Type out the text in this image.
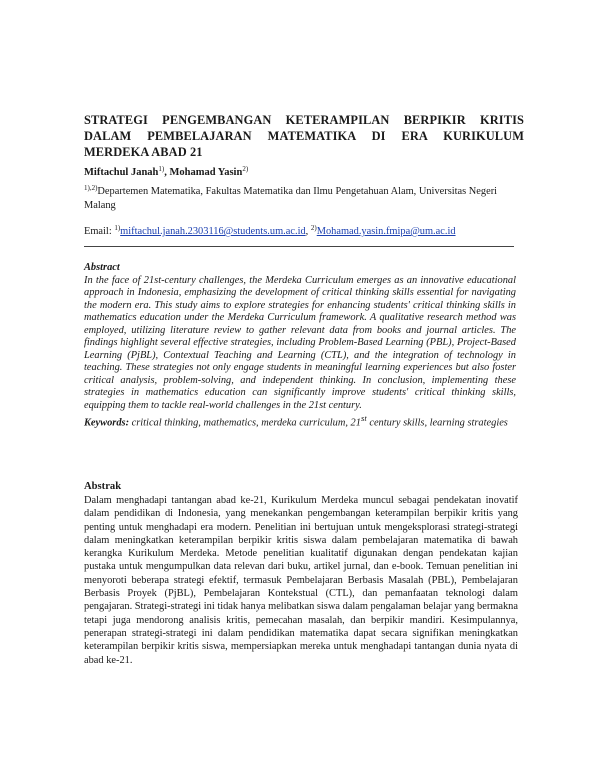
STRATEGI PENGEMBANGAN KETERAMPILAN BERPIKIR KRITIS DALAM PEMBELAJARAN MATEMATIKA DI ERA KURIKULUM MERDEKA ABAD 21
Miftachul Janah$^{1)}$, Mohamad Yasin$^{2)}$
$^{1),2)}$Departemen Matematika, Fakultas Matematika dan Ilmu Pengetahuan Alam, Universitas Negeri Malang
Email: $^{1)}$miftachul.janah.2303116@students.um.ac.id, $^{2)}$Mohamad.yasin.fmipa@um.ac.id
Abstract
In the face of 21st-century challenges, the Merdeka Curriculum emerges as an innovative educational approach in Indonesia, emphasizing the development of critical thinking skills essential for navigating the modern era. This study aims to explore strategies for enhancing students' critical thinking skills in mathematics education under the Merdeka Curriculum framework. A qualitative research method was employed, utilizing literature review to gather relevant data from books and journal articles. The findings highlight several effective strategies, including Problem-Based Learning (PBL), Project-Based Learning (PjBL), Contextual Teaching and Learning (CTL), and the integration of technology in teaching. These strategies not only engage students in meaningful learning experiences but also foster critical analysis, problem-solving, and independent thinking. In conclusion, implementing these strategies in mathematics education can significantly improve students' critical thinking skills, equipping them to tackle real-world challenges in the 21st century.
Keywords: critical thinking, mathematics, merdeka curriculum, 21st century skills, learning strategies
Abstrak
Dalam menghadapi tantangan abad ke-21, Kurikulum Merdeka muncul sebagai pendekatan inovatif dalam pendidikan di Indonesia, yang menekankan pengembangan keterampilan berpikir kritis yang penting untuk menghadapi era modern. Penelitian ini bertujuan untuk mengeksplorasi strategi-strategi dalam meningkatkan keterampilan berpikir kritis siswa dalam pembelajaran matematika di bawah kerangka Kurikulum Merdeka. Metode penelitian kualitatif digunakan dengan pendekatan kajian pustaka untuk mengumpulkan data relevan dari buku, artikel jurnal, dan e-book. Temuan penelitian ini menyoroti beberapa strategi efektif, termasuk Pembelajaran Berbasis Masalah (PBL), Pembelajaran Berbasis Proyek (PjBL), Pembelajaran Kontekstual (CTL), dan pemanfaatan teknologi dalam pengajaran. Strategi-strategi ini tidak hanya melibatkan siswa dalam pengalaman belajar yang bermakna tetapi juga mendorong analisis kritis, pemecahan masalah, dan berpikir mandiri. Kesimpulannya, penerapan strategi-strategi ini dalam pendidikan matematika dapat secara signifikan meningkatkan keterampilan berpikir kritis siswa, mempersiapkan mereka untuk menghadapi tantangan dunia nyata di abad ke-21.
